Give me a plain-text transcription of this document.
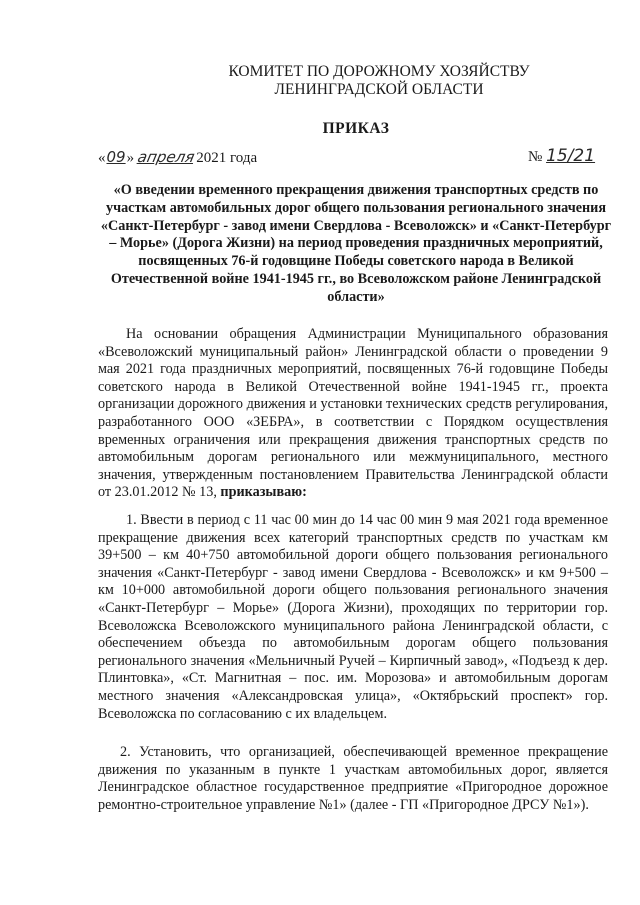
КОМИТЕТ ПО ДОРОЖНОМУ ХОЗЯЙСТВУ
ЛЕНИНГРАДСКОЙ ОБЛАСТИ
ПРИКАЗ
«09» апреля2021 года	№ 15/21
«О введении временного прекращения движения транспортных средств по участкам автомобильных дорог общего пользования регионального значения «Санкт-Петербург - завод имени Свердлова - Всеволожск» и «Санкт-Петербург – Морье» (Дорога Жизни) на период проведения праздничных мероприятий, посвященных 76-й годовщине Победы советского народа в Великой Отечественной войне 1941-1945 гг., во Всеволожском районе Ленинградской области»
На основании обращения Администрации Муниципального образования «Всеволожский муниципальный район» Ленинградской области о проведении 9 мая 2021 года праздничных мероприятий, посвященных 76-й годовщине Победы советского народа в Великой Отечественной войне 1941-1945 гг., проекта организации дорожного движения и установки технических средств регулирования, разработанного ООО «ЗЕБРА», в соответствии с Порядком осуществления временных ограничения или прекращения движения транспортных средств по автомобильным дорогам регионального или межмуниципального, местного значения, утвержденным постановлением Правительства Ленинградской области от 23.01.2012 № 13, приказываю:
1. Ввести в период с 11 час 00 мин до 14 час 00 мин 9 мая 2021 года временное прекращение движения всех категорий транспортных средств по участкам км 39+500 – км 40+750 автомобильной дороги общего пользования регионального значения «Санкт-Петербург - завод имени Свердлова - Всеволожск» и км 9+500 – км 10+000 автомобильной дороги общего пользования регионального значения «Санкт-Петербург – Морье» (Дорога Жизни), проходящих по территории гор. Всеволожска Всеволожского муниципального района Ленинградской области, с обеспечением объезда по автомобильным дорогам общего пользования регионального значения «Мельничный Ручей – Кирпичный завод», «Подъезд к дер. Плинтовка», «Ст. Магнитная – пос. им. Морозова» и автомобильным дорогам местного значения «Александровская улица», «Октябрьский проспект» гор. Всеволожска по согласованию с их владельцем.
2. Установить, что организацией, обеспечивающей временное прекращение движения по указанным в пункте 1 участкам автомобильных дорог, является Ленинградское областное государственное предприятие «Пригородное дорожное ремонтно-строительное управление №1» (далее - ГП «Пригородное ДРСУ №1»).
